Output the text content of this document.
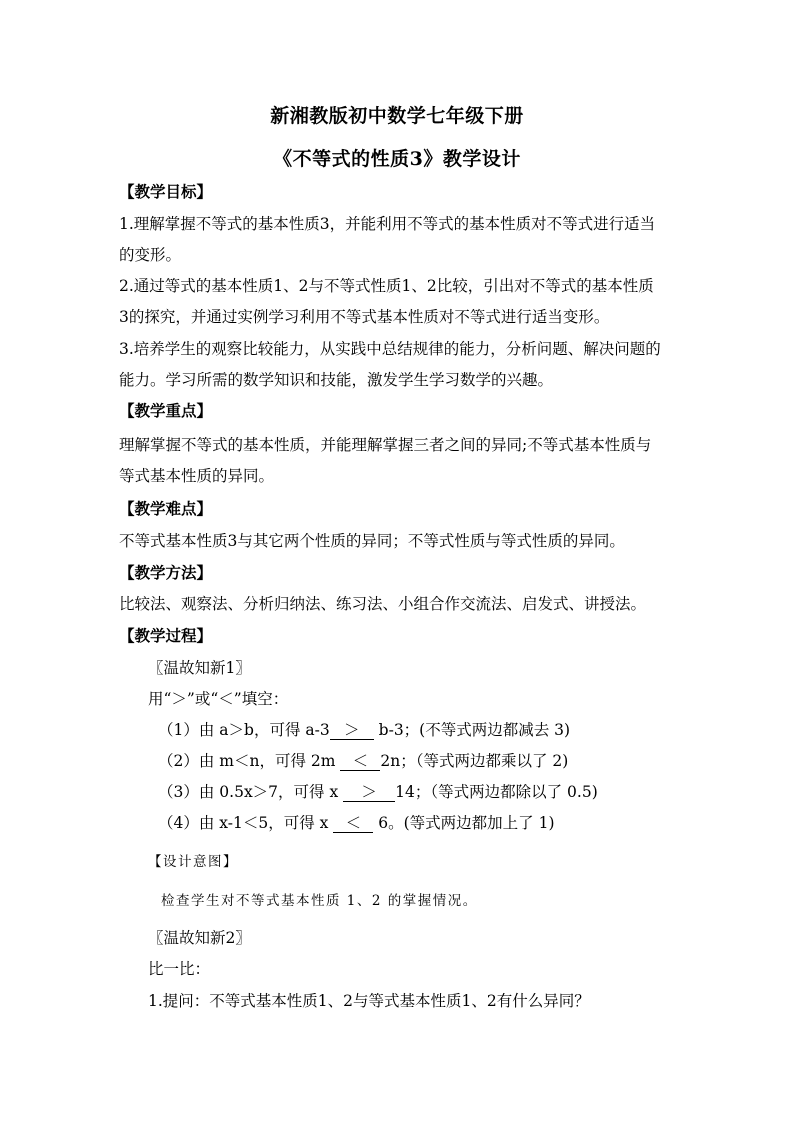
新湘教版初中数学七年级下册
《不等式的性质3》教学设计
【教学目标】
1.理解掌握不等式的基本性质3，并能利用不等式的基本性质对不等式进行适当
的变形。
2.通过等式的基本性质1、2与不等式性质1、2比较，引出对不等式的基本性质
3的探究，并通过实例学习利用不等式基本性质对不等式进行适当变形。
3.培养学生的观察比较能力，从实践中总结规律的能力，分析问题、解决问题的
能力。学习所需的数学知识和技能，激发学生学习数学的兴趣。
【教学重点】
理解掌握不等式的基本性质，并能理解掌握三者之间的异同;不等式基本性质与
等式基本性质的异同。
【教学难点】
不等式基本性质3与其它两个性质的异同；不等式性质与等式性质的异同。
【教学方法】
比较法、观察法、分析归纳法、练习法、小组合作交流法、启发式、讲授法。
【教学过程】
〖温故知新1〗
用“＞”或“＜”填空：
（1）由 a＞b，可得 a-3 ＞ b-3；(不等式两边都减去 3)
（2）由 m＜n，可得 2m ＜ 2n；（等式两边都乘以了 2)
（3）由 0.5x＞7，可得 x ＞ 14；（等式两边都除以了 0.5)
（4）由 x-1＜5，可得 x ＜ 6。(等式两边都加上了 1)
【设计意图】
检查学生对不等式基本性质 1、2 的掌握情况。
〖温故知新2〗
比一比：
1.提问：不等式基本性质1、2与等式基本性质1、2有什么异同？
